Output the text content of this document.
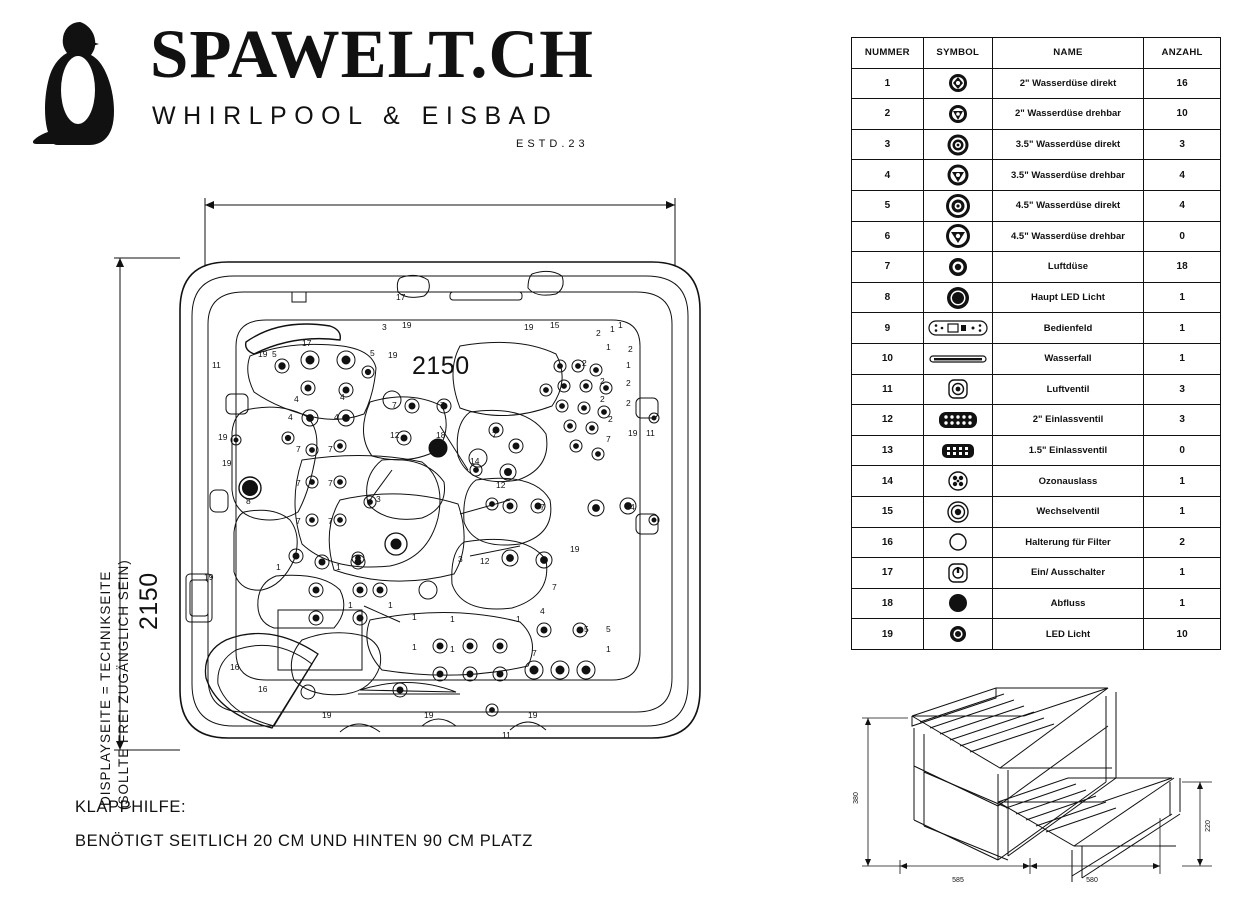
SPAWELT.CH
WHIRLPOOL & EISBAD
ESTD.23
19 5	5 19
17
17
3 19	19 15
2 1 1
1 2
2	1
2	2
2	2
2
7
11
4	4
4	4
7	7
19	12
7	7
19 11
7	7
19
18	7
14
7	7
8	3
12
7	4
3 12
19
1	1
19
7
1	1
4
5 5
1	1	1
1	1	7	1
16
16
19	19	19
11
2150
2150
DISPLAYSEITE = TECHNIKSEITE (SOLLTE FREI ZUGÄNGLICH SEIN)
KLAPPHILFE:
BENÖTIGT SEITLICH 20 CM UND HINTEN 90 CM PLATZ
NUMMER	SYMBOL	NAME	ANZAHL
1		2" Wasserdüse direkt	16
2		2" Wasserdüse drehbar	10
3		3.5" Wasserdüse direkt	3
4		3.5" Wasserdüse drehbar	4
5		4.5" Wasserdüse direkt	4
6		4.5" Wasserdüse drehbar	0
7		Luftdüse	18
8		Haupt LED Licht	1
9		Bedienfeld	1
10		Wasserfall	1
11		Luftventil	3
12		2" Einlassventil	3
13		1.5" Einlassventil	0
14		Ozonauslass	1
15		Wechselventil	1
16		Halterung für Filter	2
17		Ein/ Ausschalter	1
18		Abfluss	1
19		LED Licht	10
380
220
585	580
